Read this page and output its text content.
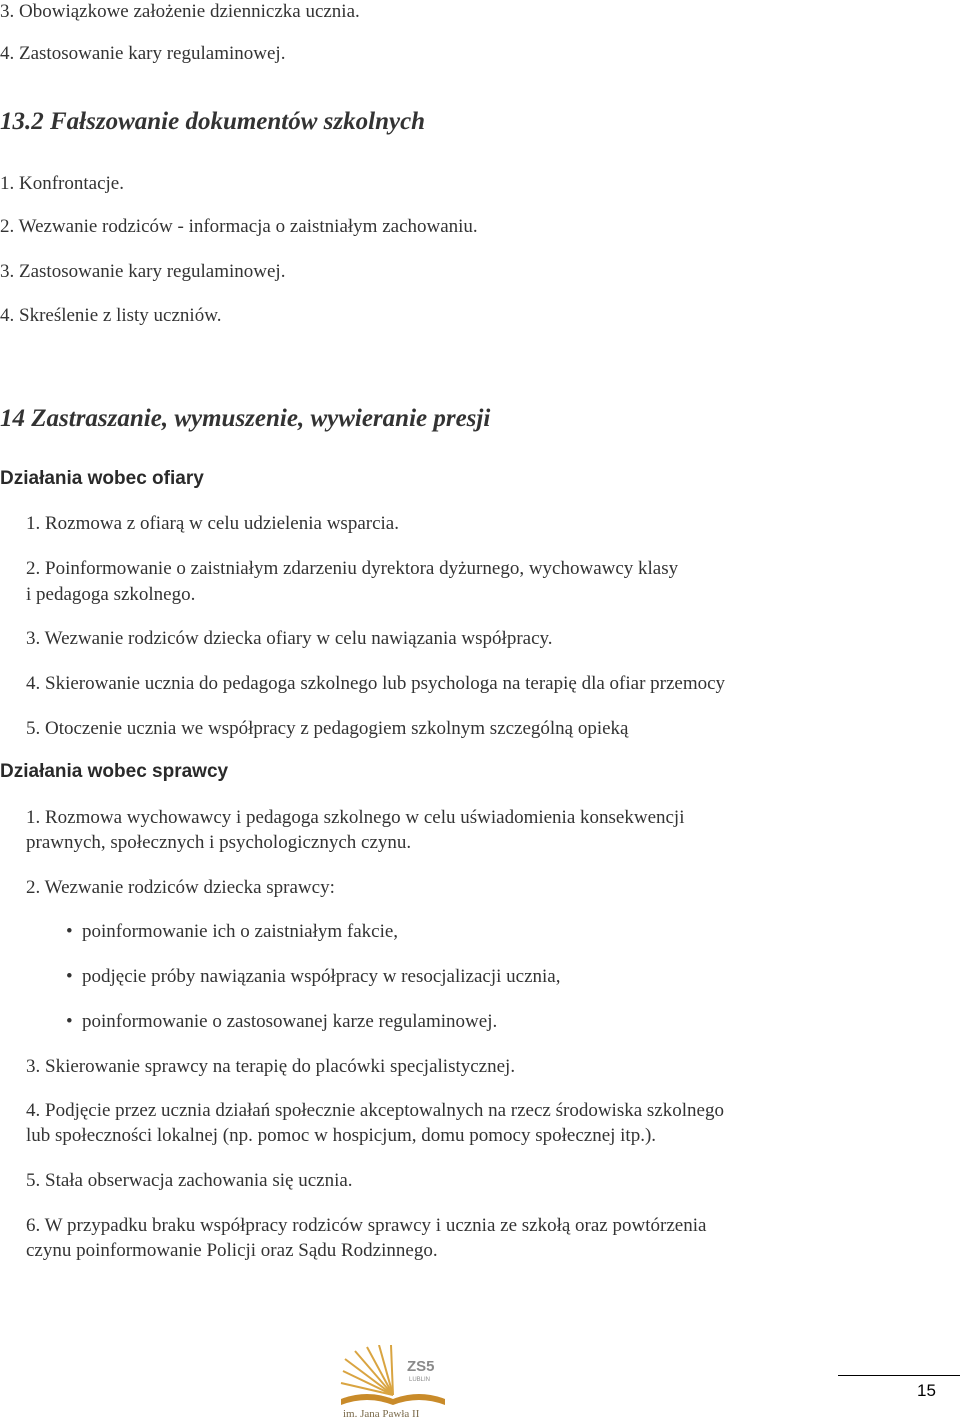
3. Obowiązkowe założenie dzienniczka ucznia.
4. Zastosowanie kary regulaminowej.
13.2 Fałszowanie dokumentów szkolnych
1. Konfrontacje.
2. Wezwanie rodziców - informacja o zaistniałym zachowaniu.
3. Zastosowanie kary regulaminowej.
4. Skreślenie z listy uczniów.
14 Zastraszanie, wymuszenie, wywieranie presji
Działania wobec ofiary
1. Rozmowa z ofiarą w celu udzielenia wsparcia.
2. Poinformowanie o zaistniałym zdarzeniu dyrektora dyżurnego, wychowawcy klasy
i pedagoga szkolnego.
3. Wezwanie rodziców dziecka ofiary w celu nawiązania współpracy.
4. Skierowanie ucznia do pedagoga szkolnego lub psychologa na terapię dla ofiar przemocy
5. Otoczenie ucznia we współpracy z pedagogiem szkolnym szczególną opieką
Działania wobec sprawcy
1. Rozmowa wychowawcy i pedagoga szkolnego w celu uświadomienia konsekwencji
prawnych, społecznych i psychologicznych czynu.
2. Wezwanie rodziców dziecka sprawcy:
• poinformowanie ich o zaistniałym fakcie,
• podjęcie próby nawiązania współpracy w resocjalizacji ucznia,
• poinformowanie o zastosowanej karze regulaminowej.
3. Skierowanie sprawcy na terapię do placówki specjalistycznej.
4. Podjęcie przez ucznia działań społecznie akceptowalnych na rzecz środowiska szkolnego
lub społeczności lokalnej (np. pomoc w hospicjum, domu pomocy społecznej itp.).
5. Stała obserwacja zachowania się ucznia.
6. W przypadku braku współpracy rodziców sprawcy i ucznia ze szkołą oraz powtórzenia
czynu poinformowanie Policji oraz Sądu Rodzinnego.
ZS5
LUBLIN
im. Jana Pawła II
15
